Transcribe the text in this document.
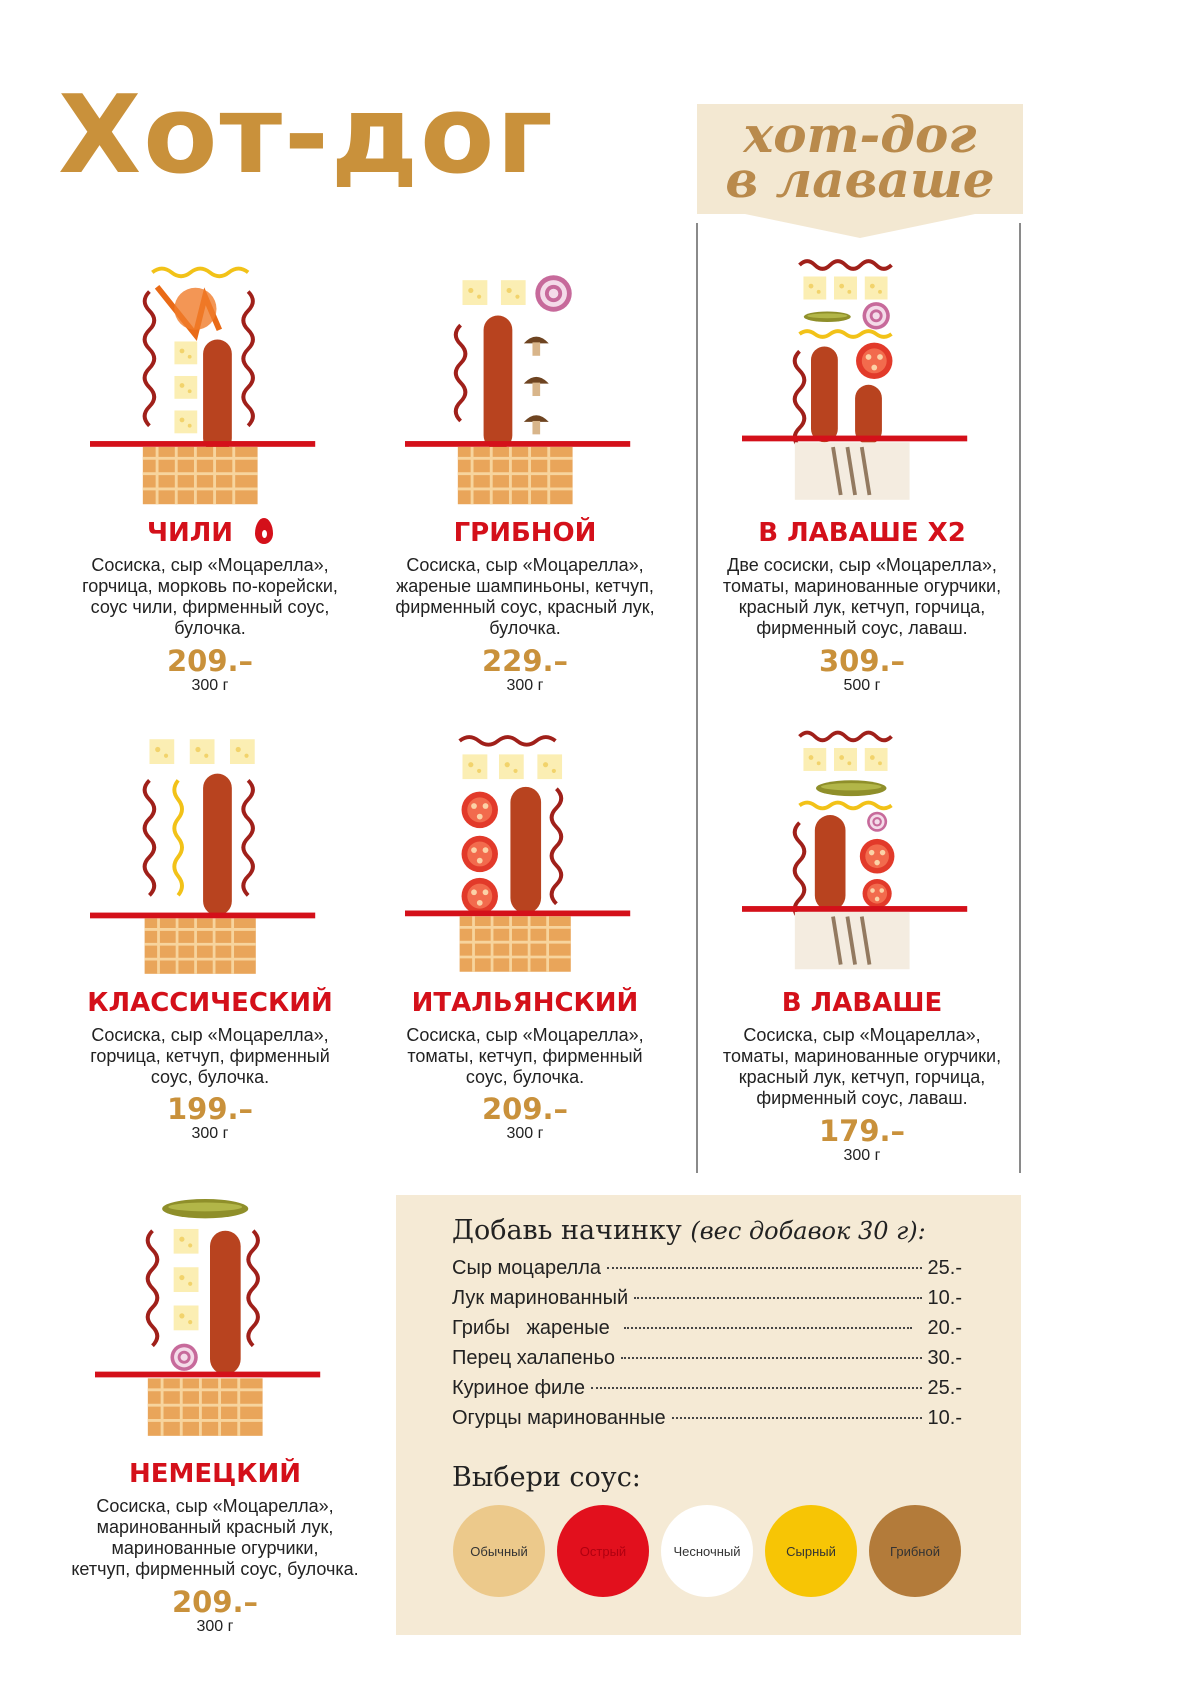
Хот-дог	хот-дог
в лаваше
ЧИЛИ
Сосиска, сыр «Моцарелла»,
горчица, морковь по-корейски,
соус чили, фирменный соус,
булочка.
209.–
300 г
ГРИБНОЙ
Сосиска, сыр «Моцарелла»,
жареные шампиньоны, кетчуп,
фирменный соус, красный лук,
булочка.
229.–
300 г
В ЛАВАШЕ X2
Две сосиски, сыр «Моцарелла»,
томаты, маринованные огурчики,
красный лук, кетчуп, горчица,
фирменный соус, лаваш.
309.–
500 г
КЛАССИЧЕСКИЙ
Сосиска, сыр «Моцарелла»,
горчица, кетчуп, фирменный
соус, булочка.
199.–
300 г
ИТАЛЬЯНСКИЙ
Сосиска, сыр «Моцарелла»,
томаты, кетчуп, фирменный
соус, булочка.
209.–
300 г
В ЛАВАШЕ
Сосиска, сыр «Моцарелла»,
томаты, маринованные огурчики,
красный лук, кетчуп, горчица,
фирменный соус, лаваш.
179.–
300 г
НЕМЕЦКИЙ
Сосиска, сыр «Моцарелла»,
маринованный красный лук,
маринованные огурчики,
кетчуп, фирменный соус, булочка.
209.–
300 г
Добавь начинку (вес добавок 30 г):
Сыр моцарелла	25.-
Лук маринованный	10.-
Грибы   жареные	20.-
Перец халапеньо	30.-
Куриное филе	25.-
Огурцы маринованные	10.-
Выбери соус:
Обычный	Острый	Чесночный	Сырный	Грибной
